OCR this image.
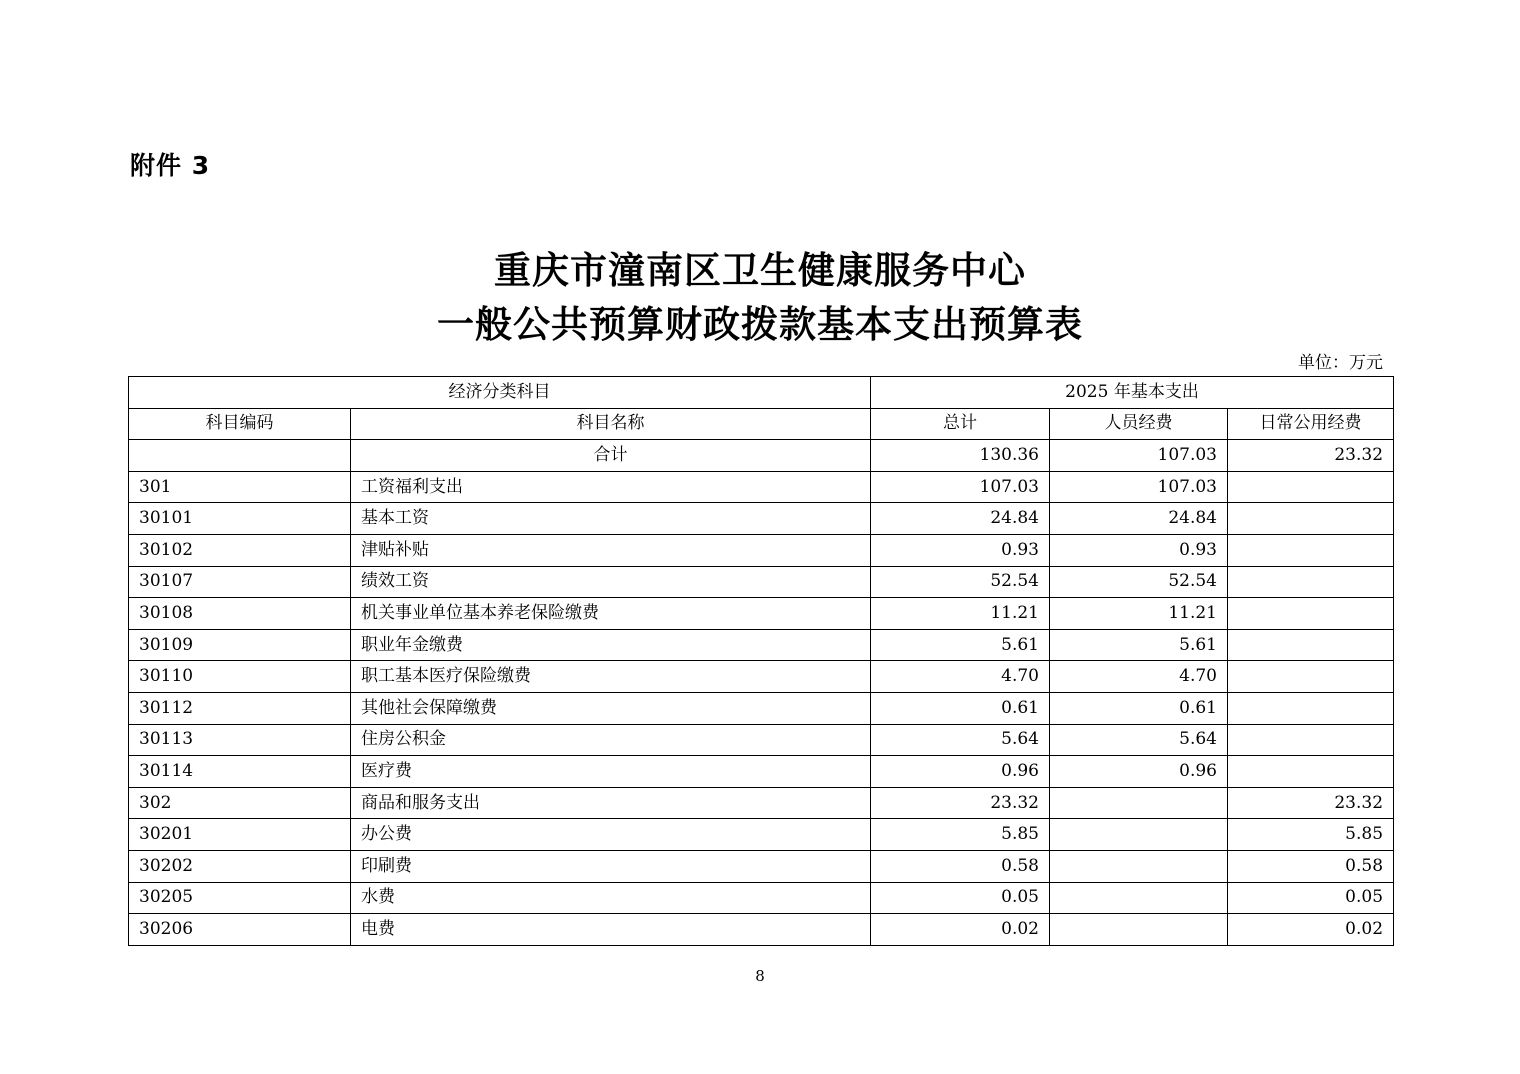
附件 3
重庆市潼南区卫生健康服务中心
一般公共预算财政拨款基本支出预算表
单位：万元
经济分类科目		2025 年基本支出		
科目编码	科目名称	总计	人员经费	日常公用经费
	合计	130.36	107.03	23.32
301	工资福利支出	107.03	107.03	
30101	基本工资	24.84	24.84	
30102	津贴补贴	0.93	0.93	
30107	绩效工资	52.54	52.54	
30108	机关事业单位基本养老保险缴费	11.21	11.21	
30109	职业年金缴费	5.61	5.61	
30110	职工基本医疗保险缴费	4.70	4.70	
30112	其他社会保障缴费	0.61	0.61	
30113	住房公积金	5.64	5.64	
30114	医疗费	0.96	0.96	
302	商品和服务支出	23.32		23.32
30201	办公费	5.85		5.85
30202	印刷费	0.58		0.58
30205	水费	0.05		0.05
30206	电费	0.02		0.02
8
